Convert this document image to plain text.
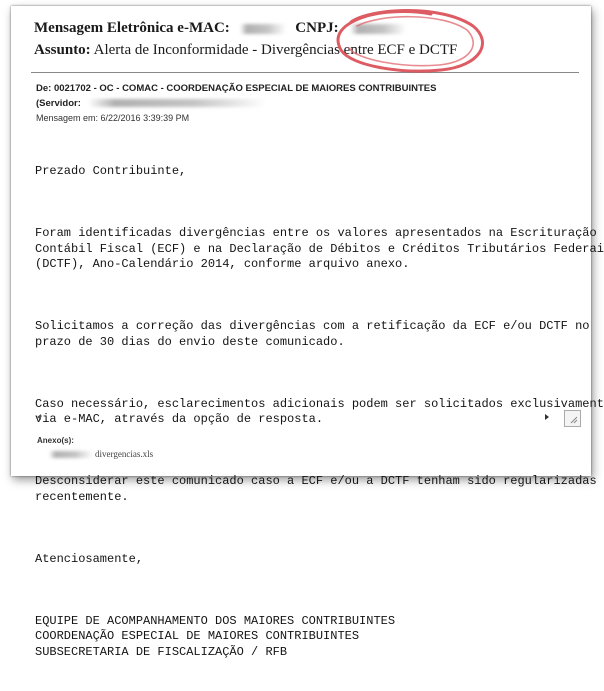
Mensagem Eletrônica e-MAC:	CNPJ:
Assunto: Alerta de Inconformidade - Divergências entre ECF e DCTF
De: 0021702 - OC - COMAC - COORDENAÇÃO ESPECIAL DE MAIORES CONTRIBUINTES
(Servidor:
Mensagem em: 6/22/2016 3:39:39 PM

Prezado Contribuinte,

Foram identificadas divergências entre os valores apresentados na Escrituração
Contábil Fiscal (ECF) e na Declaração de Débitos e Créditos Tributários Federai
(DCTF), Ano-Calendário 2014, conforme arquivo anexo.

Solicitamos a correção das divergências com a retificação da ECF e/ou DCTF no
prazo de 30 dias do envio deste comunicado.

Caso necessário, esclarecimentos adicionais podem ser solicitados exclusivament
via e-MAC, através da opção de resposta.

Desconsiderar este comunicado caso a ECF e/ou a DCTF tenham sido regularizadas
recentemente.

Atenciosamente,

EQUIPE DE ACOMPANHAMENTO DOS MAIORES CONTRIBUINTES
COORDENAÇÃO ESPECIAL DE MAIORES CONTRIBUINTES
SUBSECRETARIA DE FISCALIZAÇÃO / RFB

Anexo(s):
divergencias.xls
